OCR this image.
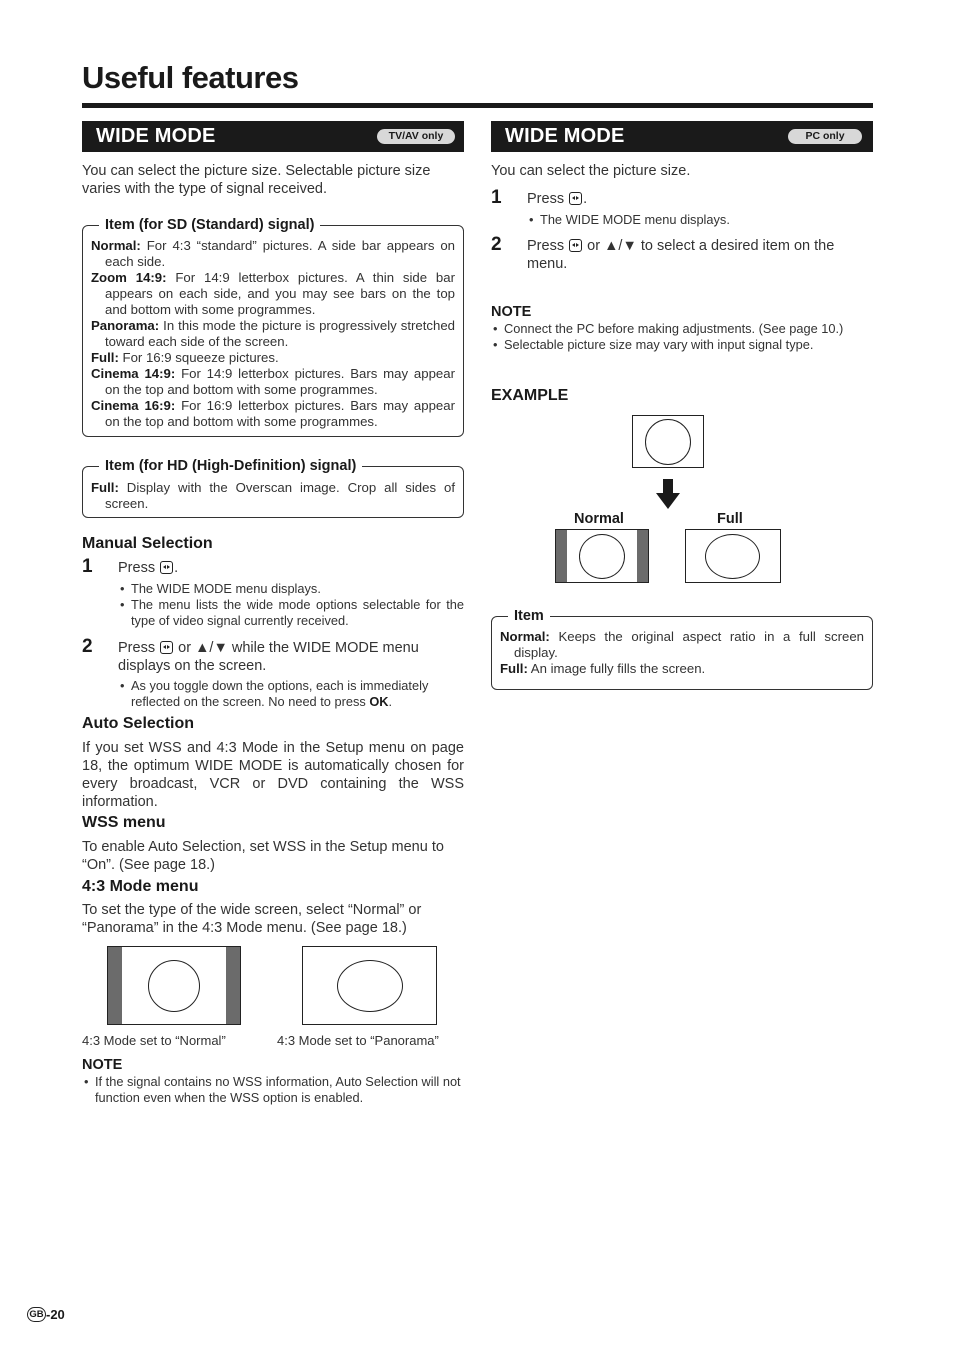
Useful features
WIDE MODE	TV/AV only
You can select the picture size. Selectable picture size varies with the type of signal received.
Item (for SD (Standard) signal)
Normal: For 4:3 “standard” pictures. A side bar appears on each side.
Zoom 14:9: For 14:9 letterbox pictures. A thin side bar appears on each side, and you may see bars on the top and bottom with some programmes.
Panorama: In this mode the picture is progressively stretched toward each side of the screen.
Full: For 16:9 squeeze pictures.
Cinema 14:9: For 14:9 letterbox pictures. Bars may appear on the top and bottom with some programmes.
Cinema 16:9: For 16:9 letterbox pictures. Bars may appear on the top and bottom with some programmes.
Item (for HD (High-Definition) signal)
Full: Display with the Overscan image. Crop all sides of screen.
Manual Selection
1 Press .
• The WIDE MODE menu displays.
• The menu lists the wide mode options selectable for the type of video signal currently received.
2 Press or ▲/▼ while the WIDE MODE menu displays on the screen.
• As you toggle down the options, each is immediately reflected on the screen. No need to press OK.
Auto Selection
If you set WSS and 4:3 Mode in the Setup menu on page 18, the optimum WIDE MODE is automatically chosen for every broadcast, VCR or DVD containing the WSS information.
WSS menu
To enable Auto Selection, set WSS in the Setup menu to “On”. (See page 18.)
4:3 Mode menu
To set the type of the wide screen, select “Normal” or “Panorama” in the 4:3 Mode menu. (See page 18.)
4:3 Mode set to “Normal”	4:3 Mode set to “Panorama”
NOTE
• If the signal contains no WSS information, Auto Selection will not function even when the WSS option is enabled.
WIDE MODE	PC only
You can select the picture size.
1 Press .
• The WIDE MODE menu displays.
2 Press or ▲/▼ to select a desired item on the menu.
NOTE
• Connect the PC before making adjustments. (See page 10.)
• Selectable picture size may vary with input signal type.
EXAMPLE
Normal	Full
Item
Normal: Keeps the original aspect ratio in a full screen display.
Full: An image fully fills the screen.
GB -20
